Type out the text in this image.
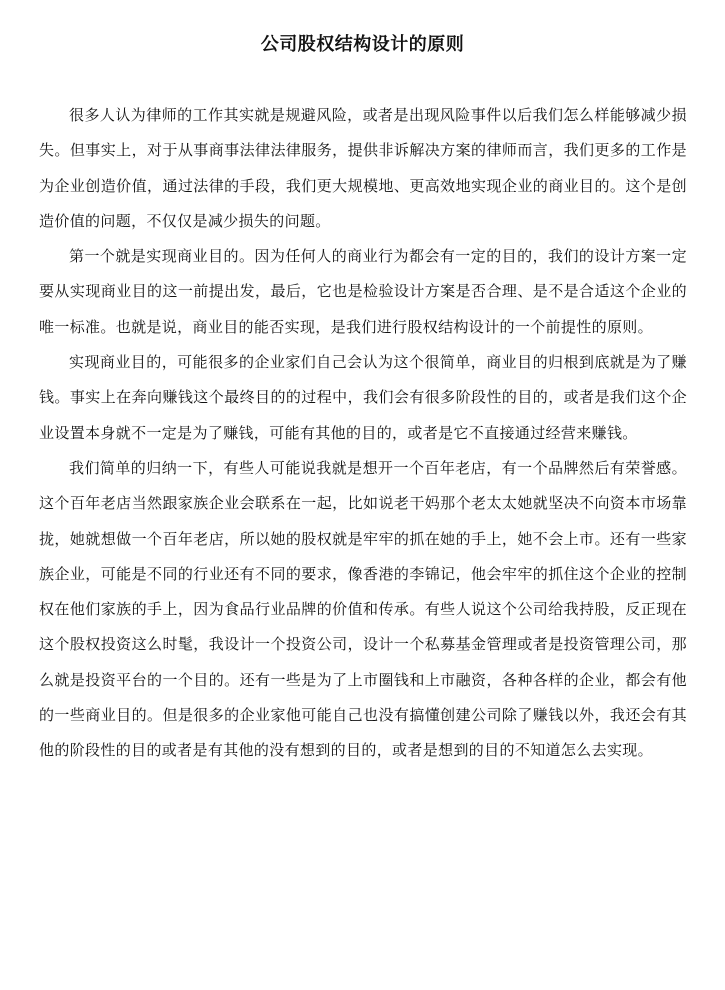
公司股权结构设计的原则

很多人认为律师的工作其实就是规避风险，或者是出现风险事件以后我们怎么样能够减少损失。但事实上，对于从事商事法律法律服务，提供非诉解决方案的律师而言，我们更多的工作是为企业创造价值，通过法律的手段，我们更大规模地、更高效地实现企业的商业目的。这个是创造价值的问题，不仅仅是减少损失的问题。

第一个就是实现商业目的。因为任何人的商业行为都会有一定的目的，我们的设计方案一定要从实现商业目的这一前提出发，最后，它也是检验设计方案是否合理、是不是合适这个企业的唯一标准。也就是说，商业目的能否实现，是我们进行股权结构设计的一个前提性的原则。

实现商业目的，可能很多的企业家们自己会认为这个很简单，商业目的归根到底就是为了赚钱。事实上在奔向赚钱这个最终目的的过程中，我们会有很多阶段性的目的，或者是我们这个企业设置本身就不一定是为了赚钱，可能有其他的目的，或者是它不直接通过经营来赚钱。

我们简单的归纳一下，有些人可能说我就是想开一个百年老店，有一个品牌然后有荣誉感。这个百年老店当然跟家族企业会联系在一起，比如说老干妈那个老太太她就坚决不向资本市场靠拢，她就想做一个百年老店，所以她的股权就是牢牢的抓在她的手上，她不会上市。还有一些家族企业，可能是不同的行业还有不同的要求，像香港的李锦记，他会牢牢的抓住这个企业的控制权在他们家族的手上，因为食品行业品牌的价值和传承。有些人说这个公司给我持股，反正现在这个股权投资这么时髦，我设计一个投资公司，设计一个私募基金管理或者是投资管理公司，那么就是投资平台的一个目的。还有一些是为了上市圈钱和上市融资，各种各样的企业，都会有他的一些商业目的。但是很多的企业家他可能自己也没有搞懂创建公司除了赚钱以外，我还会有其他的阶段性的目的或者是有其他的没有想到的目的，或者是想到的目的不知道怎么去实现。
